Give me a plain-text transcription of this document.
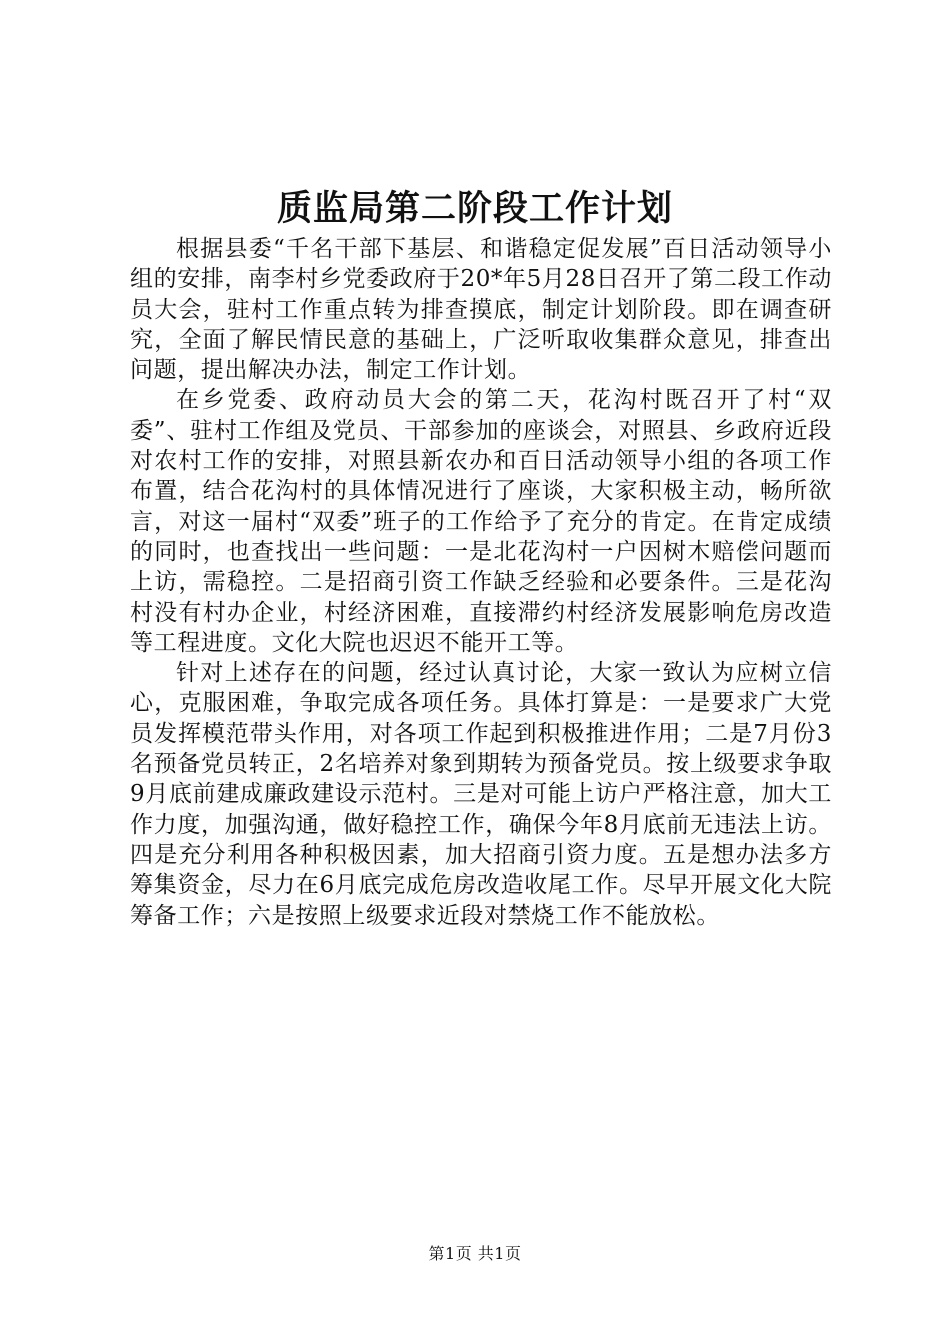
质监局第二阶段工作计划

根据县委“千名干部下基层、和谐稳定促发展”百日活动领导小组的安排，南李村乡党委政府于20*年5月28日召开了第二段工作动员大会，驻村工作重点转为排查摸底，制定计划阶段。即在调查研究，全面了解民情民意的基础上，广泛听取收集群众意见，排查出问题，提出解决办法，制定工作计划。

在乡党委、政府动员大会的第二天，花沟村既召开了村“双委”、驻村工作组及党员、干部参加的座谈会，对照县、乡政府近段对农村工作的安排，对照县新农办和百日活动领导小组的各项工作布置，结合花沟村的具体情况进行了座谈，大家积极主动，畅所欲言，对这一届村“双委”班子的工作给予了充分的肯定。在肯定成绩的同时，也查找出一些问题：一是北花沟村一户因树木赔偿问题而上访，需稳控。二是招商引资工作缺乏经验和必要条件。三是花沟村没有村办企业，村经济困难，直接滞约村经济发展影响危房改造等工程进度。文化大院也迟迟不能开工等。

针对上述存在的问题，经过认真讨论，大家一致认为应树立信心，克服困难，争取完成各项任务。具体打算是：一是要求广大党员发挥模范带头作用，对各项工作起到积极推进作用；二是7月份3名预备党员转正，2名培养对象到期转为预备党员。按上级要求争取9月底前建成廉政建设示范村。三是对可能上访户严格注意，加大工作力度，加强沟通，做好稳控工作，确保今年8月底前无违法上访。四是充分利用各种积极因素，加大招商引资力度。五是想办法多方筹集资金，尽力在6月底完成危房改造收尾工作。尽早开展文化大院筹备工作；六是按照上级要求近段对禁烧工作不能放松。

第1页 共1页
